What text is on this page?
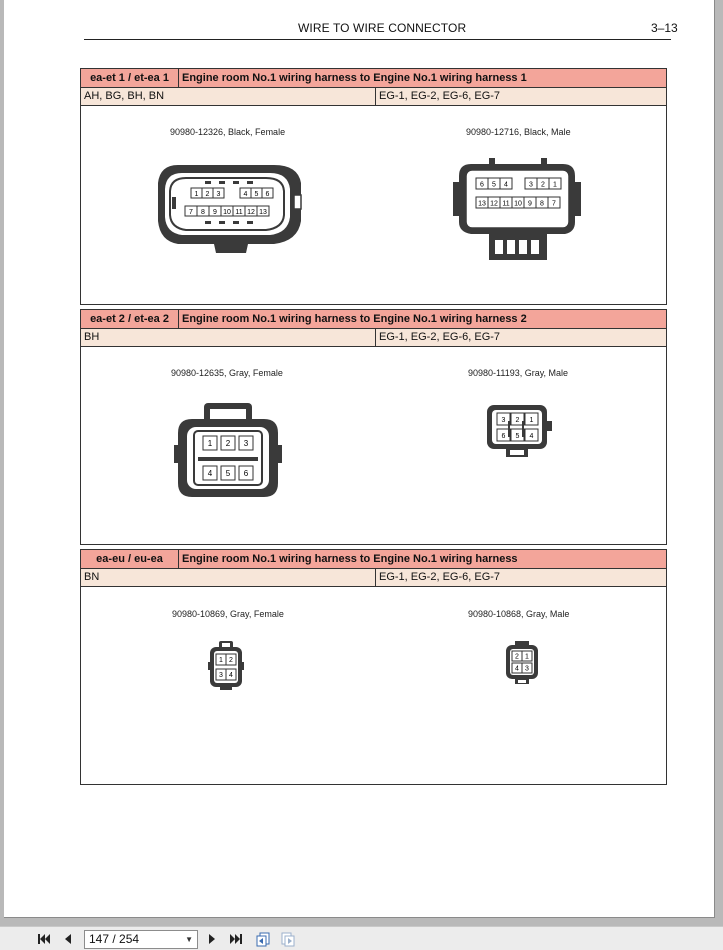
WIRE TO WIRE CONNECTOR	3–13
ea-et 1 / et-ea 1	Engine room No.1 wiring harness to Engine No.1 wiring harness 1
AH, BG, BH, BN	EG-1, EG-2, EG-6, EG-7
90980-12326, Black, Female	90980-12716, Black, Male
1 2 3	4 5 6
7 8 9 10 11 12 13
6 5 4	3 2 1
13 12 11 10 9 8 7
ea-et 2 / et-ea 2	Engine room No.1 wiring harness to Engine No.1 wiring harness 2
BH	EG-1, EG-2, EG-6, EG-7
90980-12635, Gray, Female	90980-11193, Gray, Male
1 2 3
4 5 6
3 2 1
6 5 4
ea-eu / eu-ea	Engine room No.1 wiring harness to Engine No.1 wiring harness
BN	EG-1, EG-2, EG-6, EG-7
90980-10869, Gray, Female	90980-10868, Gray, Male
1 2
3 4
2 1
4 3
147 / 254	▼
